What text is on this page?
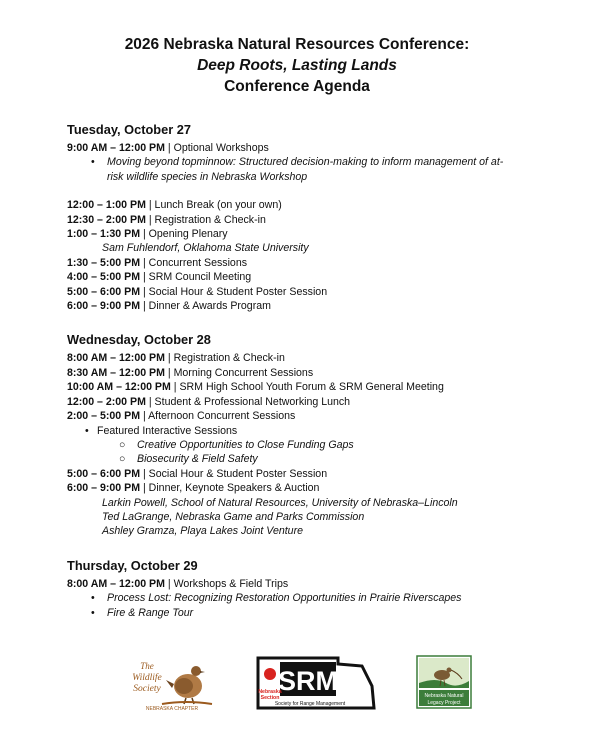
2026 Nebraska Natural Resources Conference:
Deep Roots, Lasting Lands
Conference Agenda
Tuesday, October 27
9:00 AM – 12:00 PM | Optional Workshops
• Moving beyond topminnow: Structured decision-making to inform management of at-
risk wildlife species in Nebraska Workshop
12:00 – 1:00 PM | Lunch Break (on your own)
12:30 – 2:00 PM | Registration & Check-in
1:00 – 1:30 PM | Opening Plenary
Sam Fuhlendorf, Oklahoma State University
1:30 – 5:00 PM | Concurrent Sessions
4:00 – 5:00 PM | SRM Council Meeting
5:00 – 6:00 PM | Social Hour & Student Poster Session
6:00 – 9:00 PM | Dinner & Awards Program
Wednesday, October 28
8:00 AM – 12:00 PM | Registration & Check-in
8:30 AM – 12:00 PM | Morning Concurrent Sessions
10:00 AM – 12:00 PM | SRM High School Youth Forum & SRM General Meeting
12:00 – 2:00 PM | Student & Professional Networking Lunch
2:00 – 5:00 PM | Afternoon Concurrent Sessions
• Featured Interactive Sessions
○ Creative Opportunities to Close Funding Gaps
○ Biosecurity & Field Safety
5:00 – 6:00 PM | Social Hour & Student Poster Session
6:00 – 9:00 PM | Dinner, Keynote Speakers & Auction
Larkin Powell, School of Natural Resources, University of Nebraska–Lincoln
Ted LaGrange, Nebraska Game and Parks Commission
Ashley Gramza, Playa Lakes Joint Venture
Thursday, October 29
8:00 AM – 12:00 PM | Workshops & Field Trips
• Process Lost: Recognizing Restoration Opportunities in Prairie Riverscapes
• Fire & Range Tour
The
Wildlife
Society
NEBRASKA CHAPTER
SRM
Nebraska
Section
Society for Range Management
Nebraska Natural
Legacy Project
